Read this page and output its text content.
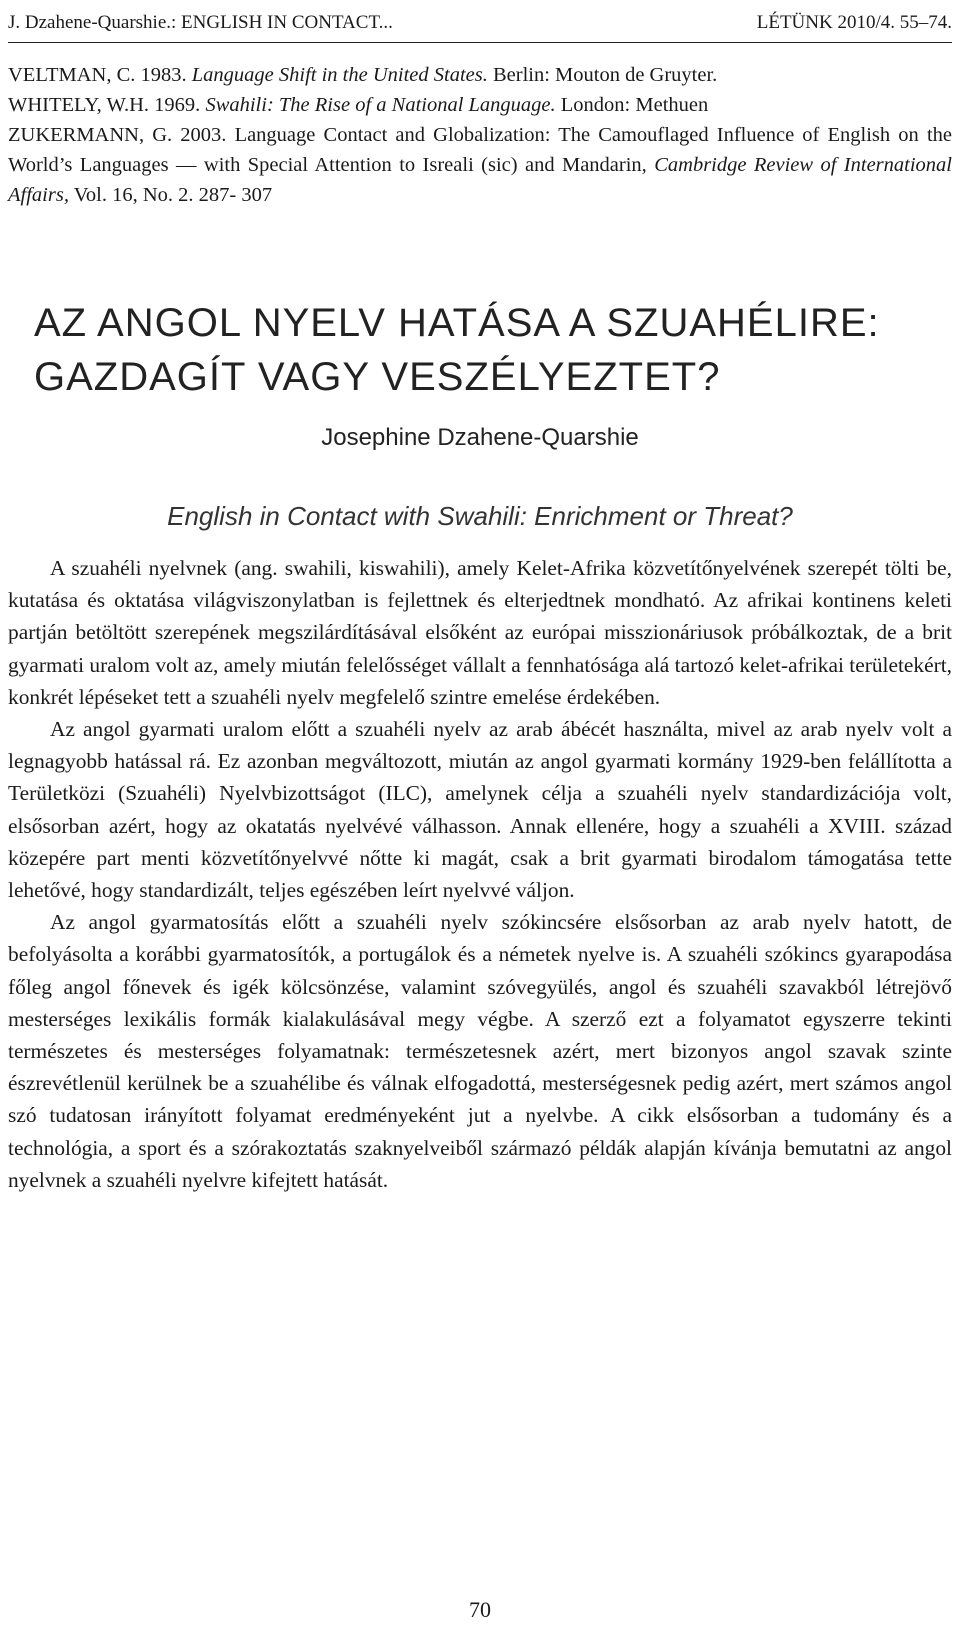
J. Dzahene-Quarshie.: ENGLISH IN CONTACT...	LÉTÜNK 2010/4. 55–74.

VELTMAN, C. 1983. Language Shift in the United States. Berlin: Mouton de Gruyter.

WHITELY, W.H. 1969. Swahili: The Rise of a National Language. London: Methuen

ZUKERMANN, G. 2003. Language Contact and Globalization: The Camouflaged Influence of English on the World’s Languages — with Special Attention to Isreali (sic) and Mandarin, Cambridge Review of International Affairs, Vol. 16, No. 2. 287- 307

AZ ANGOL NYELV HATÁSA A SZUAHÉLIRE:
GAZDAGÍT VAGY VESZÉLYEZTET?
Josephine Dzahene-Quarshie
English in Contact with Swahili: Enrichment or Threat?

A szuahéli nyelvnek (ang. swahili, kiswahili), amely Kelet-Afrika közvetítőnyelvének szerepét tölti be, kutatása és oktatása világviszonylatban is fejlettnek és elterjedtnek mondható. Az afrikai kontinens keleti partján betöltött szerepének megszilárdításával elsőként az európai misszionáriusok próbálkoztak, de a brit gyarmati uralom volt az, amely miután felelősséget vállalt a fennhatósága alá tartozó kelet-afrikai területekért, konkrét lépéseket tett a szuahéli nyelv megfelelő szintre emelése érdekében.

Az angol gyarmati uralom előtt a szuahéli nyelv az arab ábécét használta, mivel az arab nyelv volt a legnagyobb hatással rá. Ez azonban megváltozott, miután az angol gyarmati kormány 1929-ben felállította a Területközi (Szuahéli) Nyelvbizottságot (ILC), amelynek célja a szuahéli nyelv standardizációja volt, elsősorban azért, hogy az okatatás nyelvévé válhasson. Annak ellenére, hogy a szuahéli a XVIII. század közepére part menti közvetítőnyelvvé nőtte ki magát, csak a brit gyarmati birodalom támogatása tette lehetővé, hogy standardizált, teljes egészében leírt nyelvvé váljon.

Az angol gyarmatosítás előtt a szuahéli nyelv szókincsére elsősorban az arab nyelv hatott, de befolyásolta a korábbi gyarmatosítók, a portugálok és a németek nyelve is. A szuahéli szókincs gyarapodása főleg angol főnevek és igék kölcsönzése, valamint szóvegyülés, angol és szuahéli szavakból létrejövő mesterséges lexikális formák kialakulásával megy végbe. A szerző ezt a folyamatot egyszerre tekinti természetes és mesterséges folyamatnak: természetesnek azért, mert bizonyos angol szavak szinte észrevétlenül kerülnek be a szuahélibe és válnak elfogadottá, mesterségesnek pedig azért, mert számos angol szó tudatosan irányított folyamat eredményeként jut a nyelvbe. A cikk elsősorban a tudomány és a technológia, a sport és a szórakoztatás szaknyelveiből származó példák alapján kívánja bemutatni az angol nyelvnek a szuahéli nyelvre kifejtett hatását.

70
